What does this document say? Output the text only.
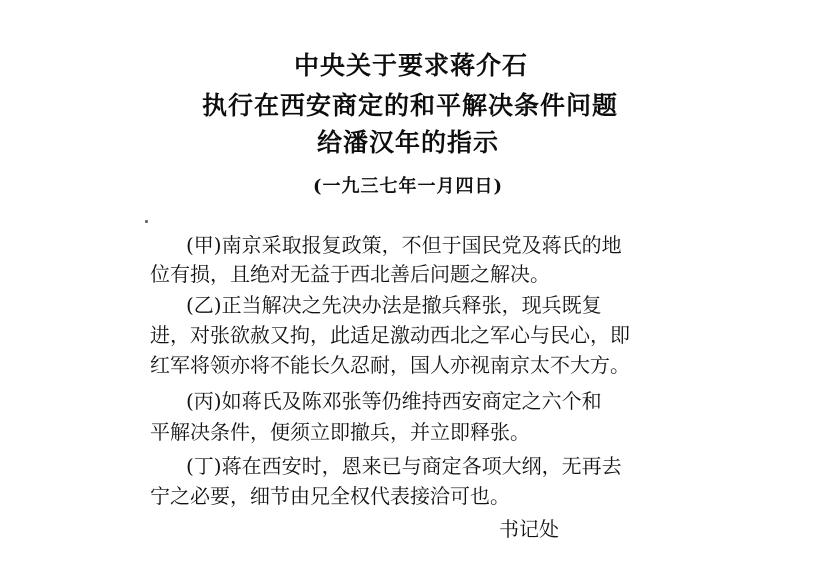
中央关于要求蒋介石
执行在西安商定的和平解决条件问题
给潘汉年的指示
(一九三七年一月四日)
(甲)南京采取报复政策，不但于国民党及蒋氏的地
位有损，且绝对无益于西北善后问题之解决。
(乙)正当解决之先决办法是撤兵释张，现兵既复
进，对张欲赦又拘，此适足激动西北之军心与民心，即
红军将领亦将不能长久忍耐，国人亦视南京太不大方。
(丙)如蒋氏及陈邓张等仍维持西安商定之六个和
平解决条件，便须立即撤兵，并立即释张。
(丁)蒋在西安时，恩来已与商定各项大纲，无再去
宁之必要，细节由兄全权代表接洽可也。
书记处
